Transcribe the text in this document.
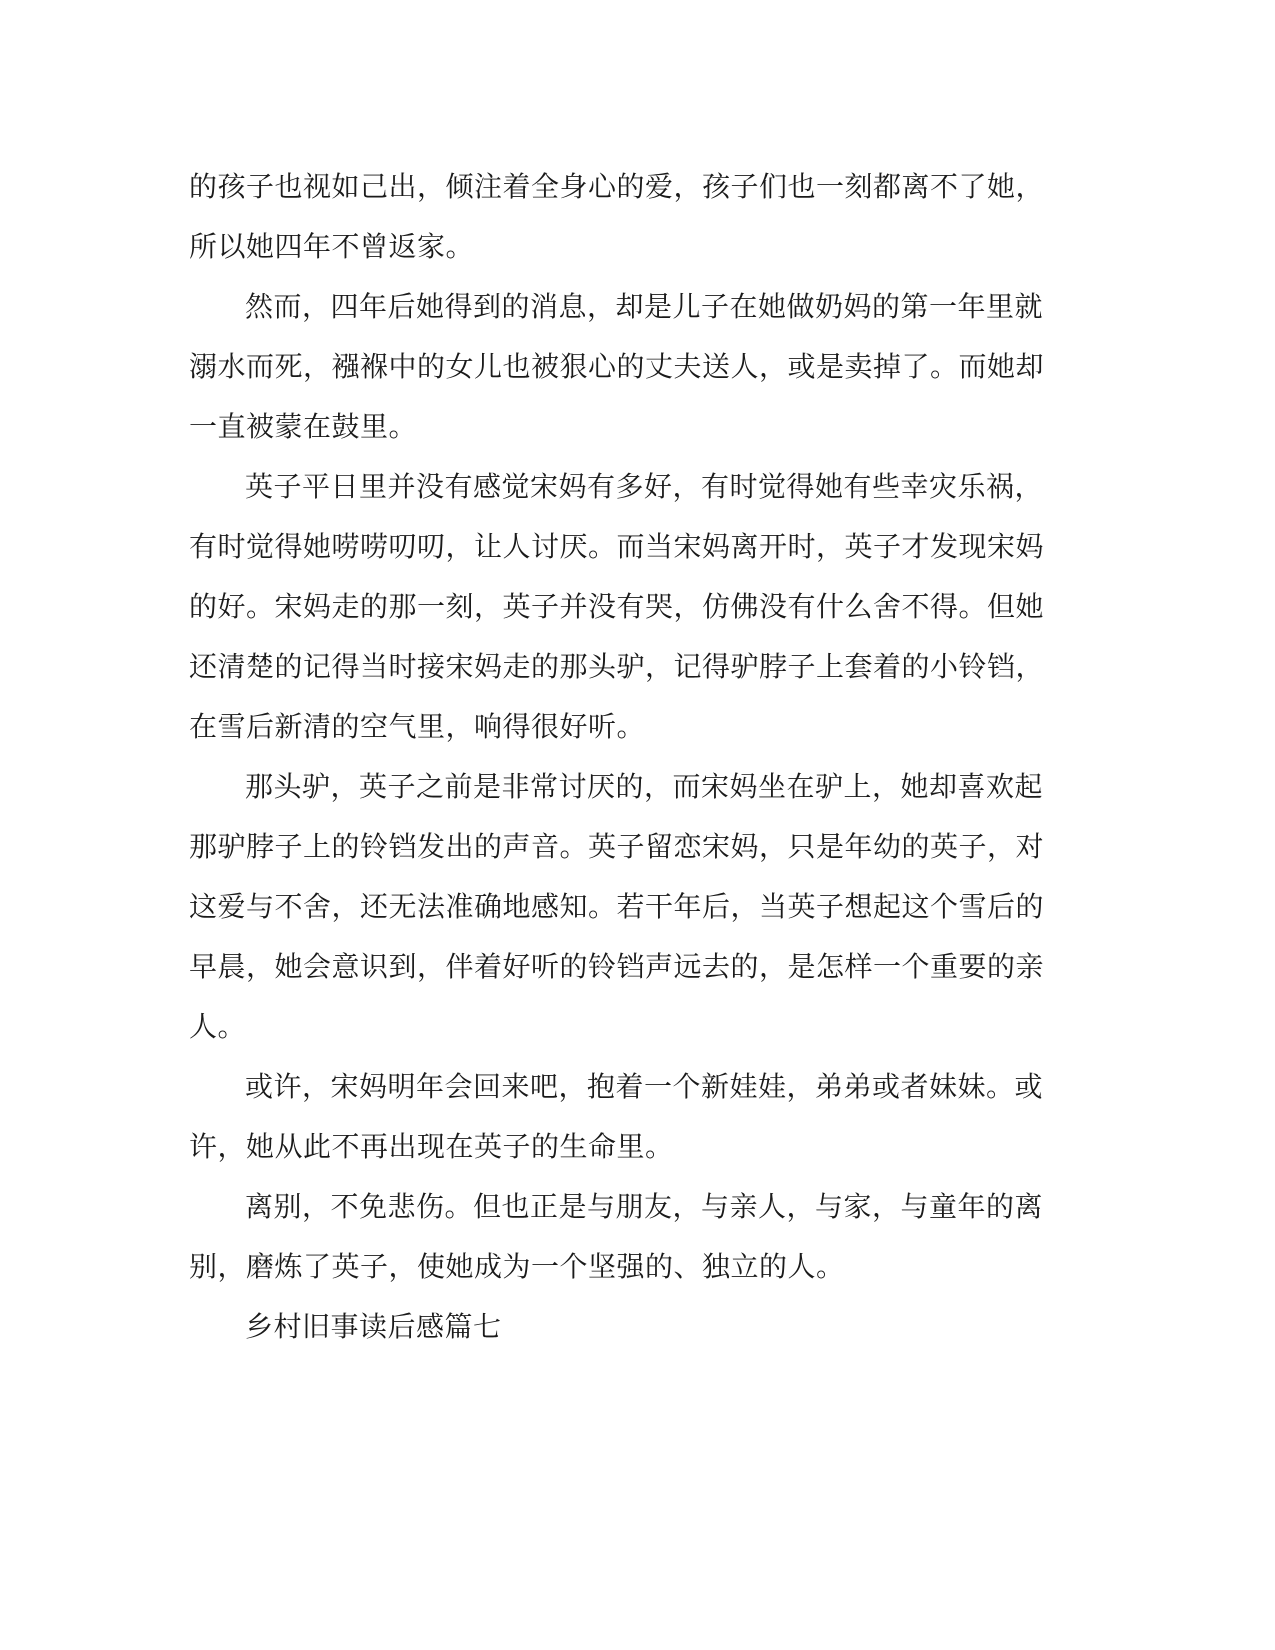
的孩子也视如己出，倾注着全身心的爱，孩子们也一刻都离不了她，所以她四年不曾返家。

然而，四年后她得到的消息，却是儿子在她做奶妈的第一年里就溺水而死，襁褓中的女儿也被狠心的丈夫送人，或是卖掉了。而她却一直被蒙在鼓里。

英子平日里并没有感觉宋妈有多好，有时觉得她有些幸灾乐祸，有时觉得她唠唠叨叨，让人讨厌。而当宋妈离开时，英子才发现宋妈的好。宋妈走的那一刻，英子并没有哭，仿佛没有什么舍不得。但她还清楚的记得当时接宋妈走的那头驴，记得驴脖子上套着的小铃铛，在雪后新清的空气里，响得很好听。

那头驴，英子之前是非常讨厌的，而宋妈坐在驴上，她却喜欢起那驴脖子上的铃铛发出的声音。英子留恋宋妈，只是年幼的英子，对这爱与不舍，还无法准确地感知。若干年后，当英子想起这个雪后的早晨，她会意识到，伴着好听的铃铛声远去的，是怎样一个重要的亲人。

或许，宋妈明年会回来吧，抱着一个新娃娃，弟弟或者妹妹。或许，她从此不再出现在英子的生命里。

离别，不免悲伤。但也正是与朋友，与亲人，与家，与童年的离别，磨炼了英子，使她成为一个坚强的、独立的人。

乡村旧事读后感篇七
